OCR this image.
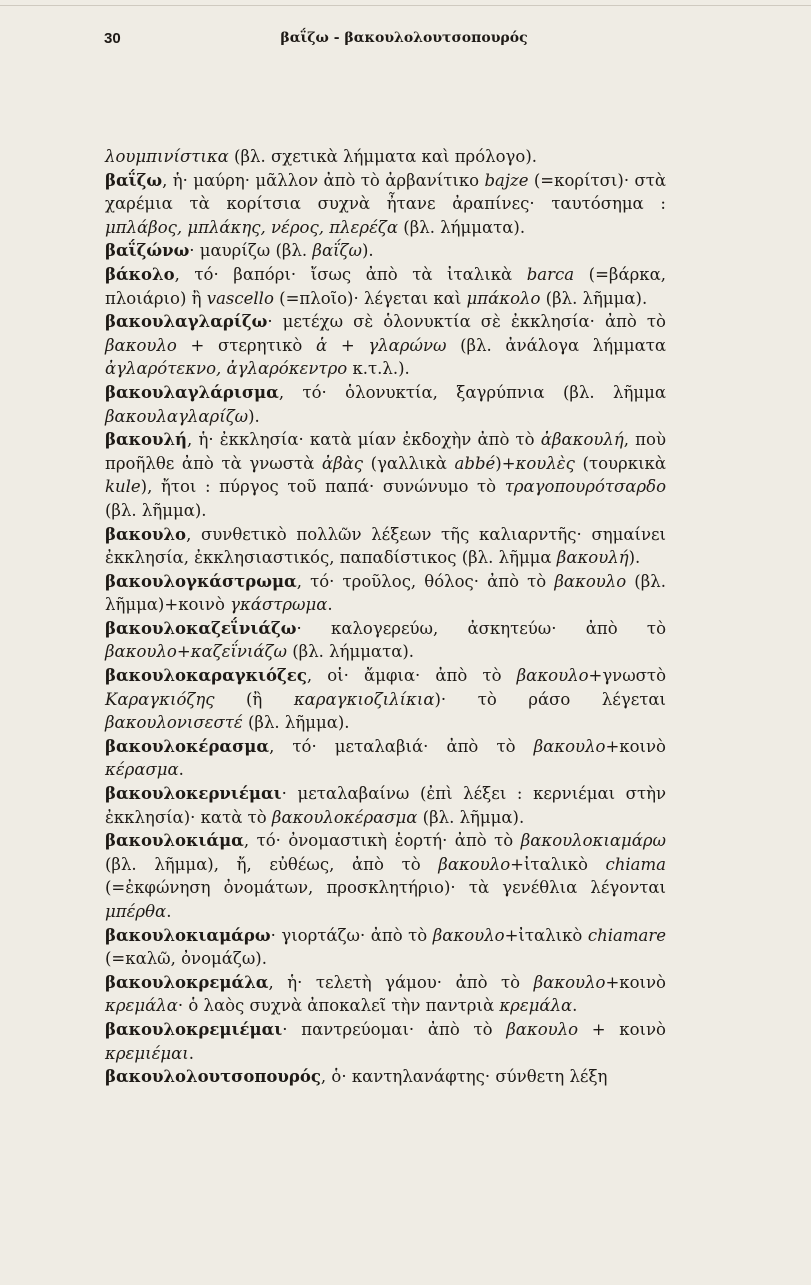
30	βαΐζω - βακουλολουτσοπουρός

λουμπινίστικα (βλ. σχετικὰ λήμματα καὶ πρόλογο).

βαΐζω, ἡ· μαύρη· μᾶλλον ἀπὸ τὸ ἀρβανίτικο bajze (=κορίτσι)· στὰ χαρέμια τὰ κορίτσια συχνὰ ἦτανε ἀραπίνες· ταυτόσημα : μπλάβος, μπλάκης, νέρος, πλερέζα (βλ. λήμματα).

βαΐζώνω· μαυρίζω (βλ. βαΐζω).

βάκολο, τό· βαπόρι· ἴσως ἀπὸ τὰ ἰταλικὰ barca (=βάρκα, πλοιάριο) ἢ vascello (=πλοῖο)· λέγεται καὶ μπάκολο (βλ. λῆμμα).

βακουλαγλαρίζω· μετέχω σὲ ὁλονυκτία σὲ ἐκκλησία· ἀπὸ τὸ βακουλο + στερητικὸ ἁ + γλαρώνω (βλ. ἀνάλογα λήμματα ἀγλαρότεκνο, ἀγλαρόκεντρο κ.τ.λ.).

βακουλαγλάρισμα, τό· ὁλονυκτία, ξαγρύπνια (βλ. λῆμμα βακουλαγλαρίζω).

βακουλή, ἡ· ἐκκλησία· κατὰ μίαν ἐκδοχὴν ἀπὸ τὸ ἀβακουλή, ποὺ προῆλθε ἀπὸ τὰ γνωστὰ ἀβὰς (γαλλικὰ abbé)+κουλὲς (τουρκικὰ kule), ἤτοι : πύργος τοῦ παπά· συνώνυμο τὸ τραγοπουρότσαρδο (βλ. λῆμμα).

βακουλο, συνθετικὸ πολλῶν λέξεων τῆς καλιαρντῆς· σημαίνει ἐκκλησία, ἐκκλησιαστικός, παπαδίστικος (βλ. λῆμμα βακουλή).

βακουλογκάστρωμα, τό· τροῦλος, θόλος· ἀπὸ τὸ βακουλο (βλ. λῆμμα)+κοινὸ γκάστρωμα.

βακουλοκαζεΐνιάζω· καλογερεύω, ἀσκητεύω· ἀπὸ τὸ βακουλο+καζεΐνιάζω (βλ. λήμματα).

βακουλοκαραγκιόζες, οἱ· ἄμφια· ἀπὸ τὸ βακουλο+γνωστὸ Καραγκιόζης (ἢ καραγκιοζιλίκια)· τὸ ράσο λέγεται βακουλονισεστέ (βλ. λῆμμα).

βακουλοκέρασμα, τό· μεταλαβιά· ἀπὸ τὸ βακουλο+κοινὸ κέρασμα.

βακουλοκερνιέμαι· μεταλαβαίνω (ἐπὶ λέξει : κερνιέμαι στὴν ἐκκλησία)· κατὰ τὸ βακουλοκέρασμα (βλ. λῆμμα).

βακουλοκιάμα, τό· ὀνομαστικὴ ἑορτή· ἀπὸ τὸ βακουλοκιαμάρω (βλ. λῆμμα), ἤ, εὐθέως, ἀπὸ τὸ βακουλο+ἰταλικὸ chiama (=ἐκφώνηση ὀνομάτων, προσκλητήριο)· τὰ γενέθλια λέγονται μπέρθα.

βακουλοκιαμάρω· γιορτάζω· ἀπὸ τὸ βακουλο+ἰταλικὸ chiamare (=καλῶ, ὀνομάζω).

βακουλοκρεμάλα, ἡ· τελετὴ γάμου· ἀπὸ τὸ βακουλο+κοινὸ κρεμάλα· ὁ λαὸς συχνὰ ἀποκαλεῖ τὴν παντριὰ κρεμάλα.

βακουλοκρεμιέμαι· παντρεύομαι· ἀπὸ τὸ βακουλο + κοινὸ κρεμιέμαι.

βακουλολουτσοπουρός, ὁ· καντηλανάφτης· σύνθετη λέξη
